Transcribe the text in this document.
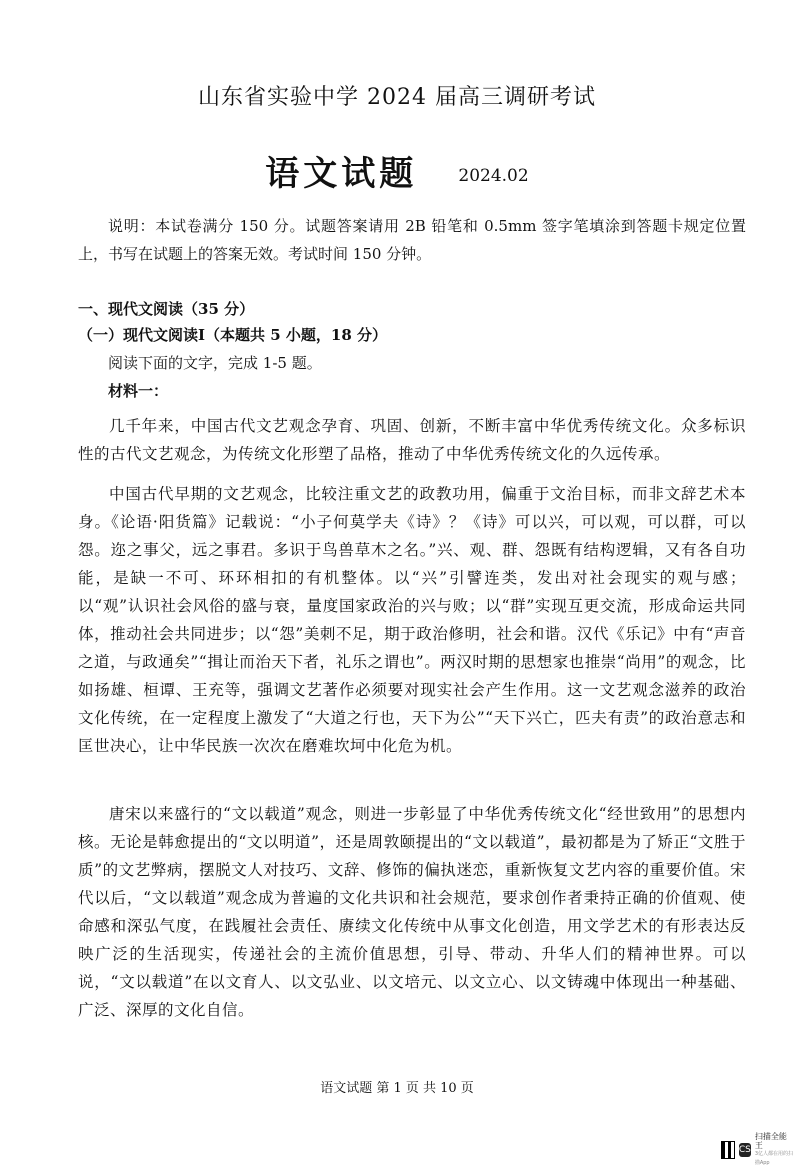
山东省实验中学 2024 届高三调研考试
语文试题 2024.02
说明：本试卷满分 150 分。试题答案请用 2B 铅笔和 0.5mm 签字笔填涂到答题卡规定位置上，书写在试题上的答案无效。考试时间 150 分钟。
一、现代文阅读（35 分）
（一）现代文阅读Ⅰ（本题共 5 小题，18 分）
阅读下面的文字，完成 1-5 题。
材料一：
几千年来，中国古代文艺观念孕育、巩固、创新，不断丰富中华优秀传统文化。众多标识性的古代文艺观念，为传统文化形塑了品格，推动了中华优秀传统文化的久远传承。
中国古代早期的文艺观念，比较注重文艺的政教功用，偏重于文治目标，而非文辞艺术本身。《论语·阳货篇》记载说：“小子何莫学夫《诗》？《诗》可以兴，可以观，可以群，可以怨。迩之事父，远之事君。多识于鸟兽草木之名。”兴、观、群、怨既有结构逻辑，又有各自功能，是缺一不可、环环相扣的有机整体。以“兴”引譬连类，发出对社会现实的观与感；以“观”认识社会风俗的盛与衰，量度国家政治的兴与败；以“群”实现互更交流，形成命运共同体，推动社会共同进步；以“怨”美刺不足，期于政治修明，社会和谐。汉代《乐记》中有“声音之道，与政通矣”“揖让而治天下者，礼乐之谓也”。两汉时期的思想家也推崇“尚用”的观念，比如扬雄、桓谭、王充等，强调文艺著作必须要对现实社会产生作用。这一文艺观念滋养的政治文化传统，在一定程度上激发了“大道之行也，天下为公”“天下兴亡，匹夫有责”的政治意志和匡世决心，让中华民族一次次在磨难坎坷中化危为机。
唐宋以来盛行的“文以载道”观念，则进一步彰显了中华优秀传统文化“经世致用”的思想内核。无论是韩愈提出的“文以明道”，还是周敦颐提出的“文以载道”，最初都是为了矫正“文胜于质”的文艺弊病，摆脱文人对技巧、文辞、修饰的偏执迷恋，重新恢复文艺内容的重要价值。宋代以后，“文以载道”观念成为普遍的文化共识和社会规范，要求创作者秉持正确的价值观、使命感和深弘气度，在践履社会责任、赓续文化传统中从事文化创造，用文学艺术的有形表达反映广泛的生活现实，传递社会的主流价值思想，引导、带动、升华人们的精神世界。可以说，“文以载道”在以文育人、以文弘业、以文培元、以文立心、以文铸魂中体现出一种基础、广泛、深厚的文化自信。
语文试题 第 1 页 共 10 页
CS
扫描全能王
3亿人都在用的扫描App
